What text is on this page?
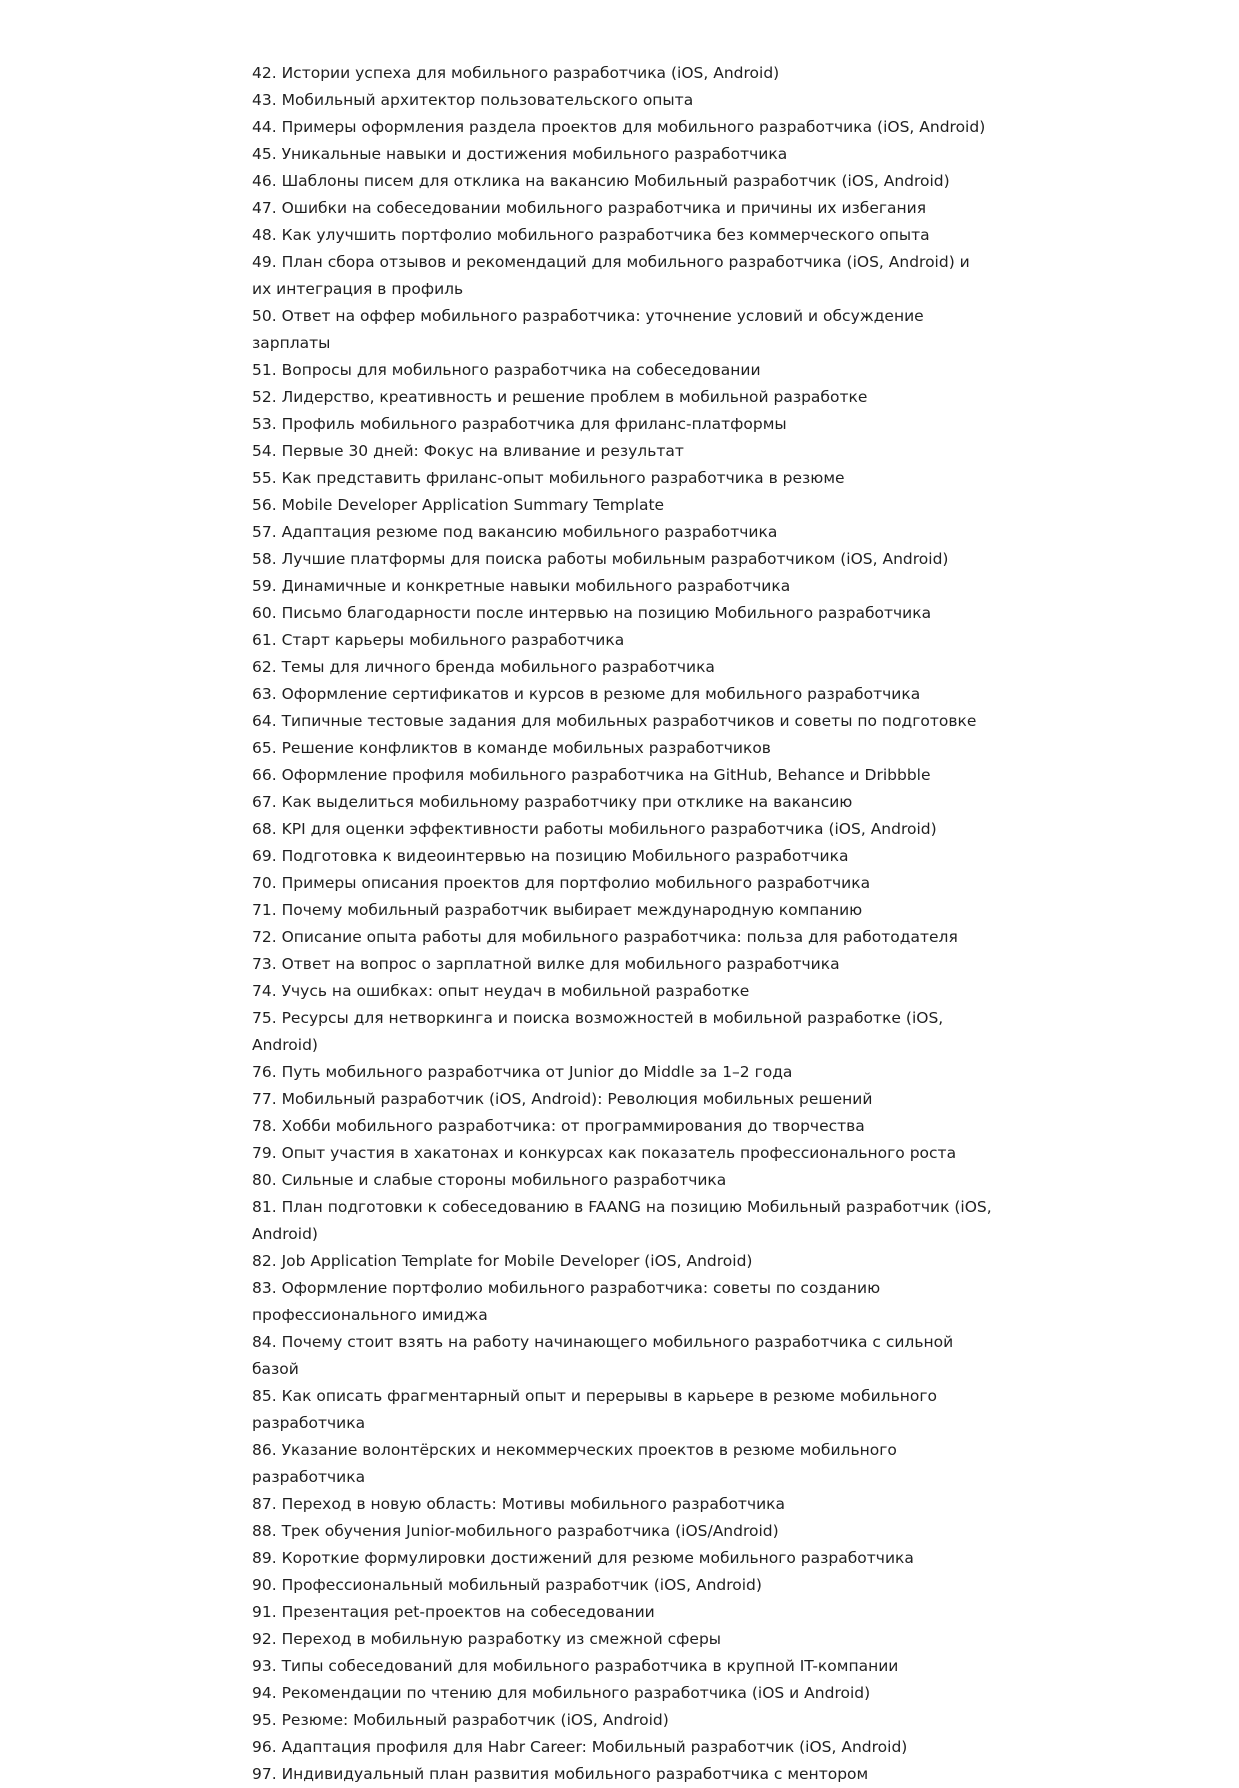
42. Истории успеха для мобильного разработчика (iOS, Android)
43. Мобильный архитектор пользовательского опыта
44. Примеры оформления раздела проектов для мобильного разработчика (iOS, Android)
45. Уникальные навыки и достижения мобильного разработчика
46. Шаблоны писем для отклика на вакансию Мобильный разработчик (iOS, Android)
47. Ошибки на собеседовании мобильного разработчика и причины их избегания
48. Как улучшить портфолио мобильного разработчика без коммерческого опыта
49. План сбора отзывов и рекомендаций для мобильного разработчика (iOS, Android) и их интеграция в профиль
50. Ответ на оффер мобильного разработчика: уточнение условий и обсуждение зарплаты
51. Вопросы для мобильного разработчика на собеседовании
52. Лидерство, креативность и решение проблем в мобильной разработке
53. Профиль мобильного разработчика для фриланс-платформы
54. Первые 30 дней: Фокус на вливание и результат
55. Как представить фриланс-опыт мобильного разработчика в резюме
56. Mobile Developer Application Summary Template
57. Адаптация резюме под вакансию мобильного разработчика
58. Лучшие платформы для поиска работы мобильным разработчиком (iOS, Android)
59. Динамичные и конкретные навыки мобильного разработчика
60. Письмо благодарности после интервью на позицию Мобильного разработчика
61. Старт карьеры мобильного разработчика
62. Темы для личного бренда мобильного разработчика
63. Оформление сертификатов и курсов в резюме для мобильного разработчика
64. Типичные тестовые задания для мобильных разработчиков и советы по подготовке
65. Решение конфликтов в команде мобильных разработчиков
66. Оформление профиля мобильного разработчика на GitHub, Behance и Dribbble
67. Как выделиться мобильному разработчику при отклике на вакансию
68. KPI для оценки эффективности работы мобильного разработчика (iOS, Android)
69. Подготовка к видеоинтервью на позицию Мобильного разработчика
70. Примеры описания проектов для портфолио мобильного разработчика
71. Почему мобильный разработчик выбирает международную компанию
72. Описание опыта работы для мобильного разработчика: польза для работодателя
73. Ответ на вопрос о зарплатной вилке для мобильного разработчика
74. Учусь на ошибках: опыт неудач в мобильной разработке
75. Ресурсы для нетворкинга и поиска возможностей в мобильной разработке (iOS, Android)
76. Путь мобильного разработчика от Junior до Middle за 1–2 года
77. Мобильный разработчик (iOS, Android): Революция мобильных решений
78. Хобби мобильного разработчика: от программирования до творчества
79. Опыт участия в хакатонах и конкурсах как показатель профессионального роста
80. Сильные и слабые стороны мобильного разработчика
81. План подготовки к собеседованию в FAANG на позицию Мобильный разработчик (iOS, Android)
82. Job Application Template for Mobile Developer (iOS, Android)
83. Оформление портфолио мобильного разработчика: советы по созданию профессионального имиджа
84. Почему стоит взять на работу начинающего мобильного разработчика с сильной базой
85. Как описать фрагментарный опыт и перерывы в карьере в резюме мобильного разработчика
86. Указание волонтёрских и некоммерческих проектов в резюме мобильного разработчика
87. Переход в новую область: Мотивы мобильного разработчика
88. Трек обучения Junior-мобильного разработчика (iOS/Android)
89. Короткие формулировки достижений для резюме мобильного разработчика
90. Профессиональный мобильный разработчик (iOS, Android)
91. Презентация pet-проектов на собеседовании
92. Переход в мобильную разработку из смежной сферы
93. Типы собеседований для мобильного разработчика в крупной IT-компании
94. Рекомендации по чтению для мобильного разработчика (iOS и Android)
95. Резюме: Мобильный разработчик (iOS, Android)
96. Адаптация профиля для Habr Career: Мобильный разработчик (iOS, Android)
97. Индивидуальный план развития мобильного разработчика с ментором
